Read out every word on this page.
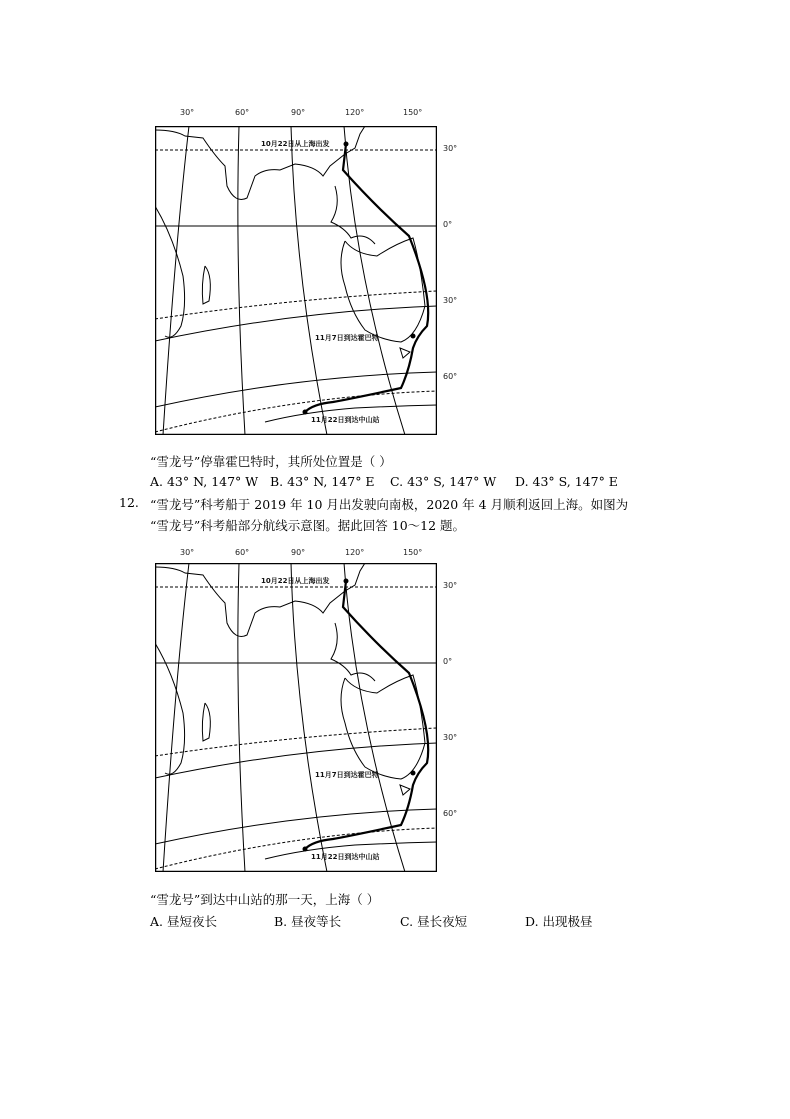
30°	60°	90°	120°	150°
30°
0°
30°
60°
10月22日从上海出发
11月7日到达霍巴特
11月22日到达中山站
“雪龙号”停靠霍巴特时，其所处位置是（ ）
A. 43° N, 147° W B. 43° N, 147° E C. 43° S, 147° W D. 43° S, 147° E
12. “雪龙号”科考船于 2019 年 10 月出发驶向南极，2020 年 4 月顺利返回上海。如图为
“雪龙号”科考船部分航线示意图。据此回答 10～12 题。
30°	60°	90°	120°	150°
30°
0°
30°
60°
10月22日从上海出发
11月7日到达霍巴特
11月22日到达中山站
“雪龙号”到达中山站的那一天，上海（ ）
A. 昼短夜长	B. 昼夜等长	C. 昼长夜短	D. 出现极昼
